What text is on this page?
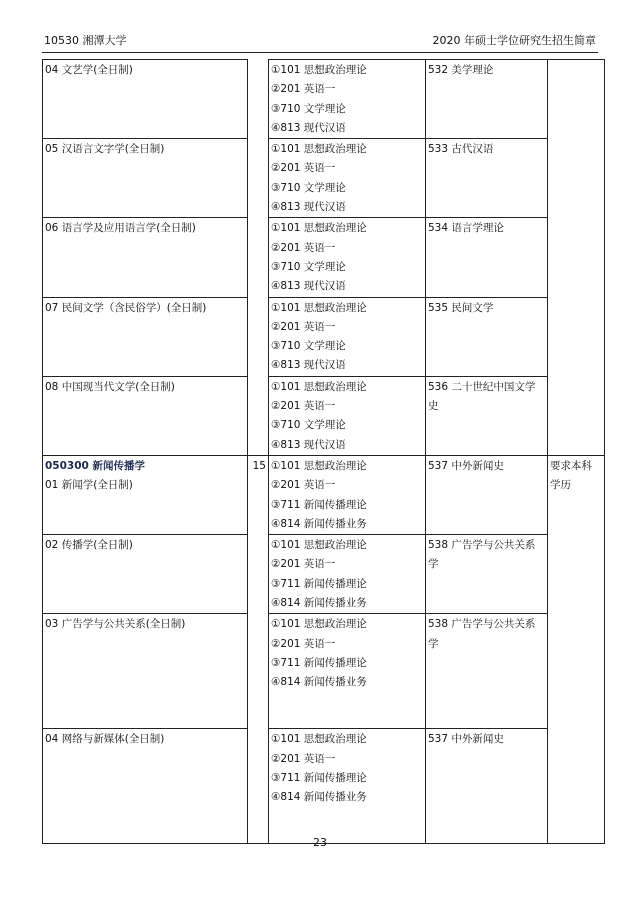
10530 湘潭大学	2020 年硕士学位研究生招生简章
04 文艺学(全日制)		①101 思想政治理论
②201 英语一
③710 文学理论
④813 现代汉语	532 美学理论	

05 汉语言文字学(全日制)		①101 思想政治理论
②201 英语一
③710 文学理论
④813 现代汉语	533 古代汉语	

06 语言学及应用语言学(全日制)		①101 思想政治理论
②201 英语一
③710 文学理论
④813 现代汉语	534 语言学理论	

07 民间文学（含民俗学）(全日制)		①101 思想政治理论
②201 英语一
③710 文学理论
④813 现代汉语	535 民间文学	

08 中国现当代文学(全日制)		①101 思想政治理论
②201 英语一
③710 文学理论
④813 现代汉语	536 二十世纪中国文学史	

050300 新闻传播学
01 新闻学(全日制)	15	①101 思想政治理论
②201 英语一
③711 新闻传播理论
④814 新闻传播业务	537 中外新闻史	要求本科学历

02 传播学(全日制)		①101 思想政治理论
②201 英语一
③711 新闻传播理论
④814 新闻传播业务	538 广告学与公共关系学	

03 广告学与公共关系(全日制)		①101 思想政治理论
②201 英语一
③711 新闻传播理论
④814 新闻传播业务	538 广告学与公共关系学	

04 网络与新媒体(全日制)		①101 思想政治理论
②201 英语一
③711 新闻传播理论
④814 新闻传播业务	537 中外新闻史	

23
